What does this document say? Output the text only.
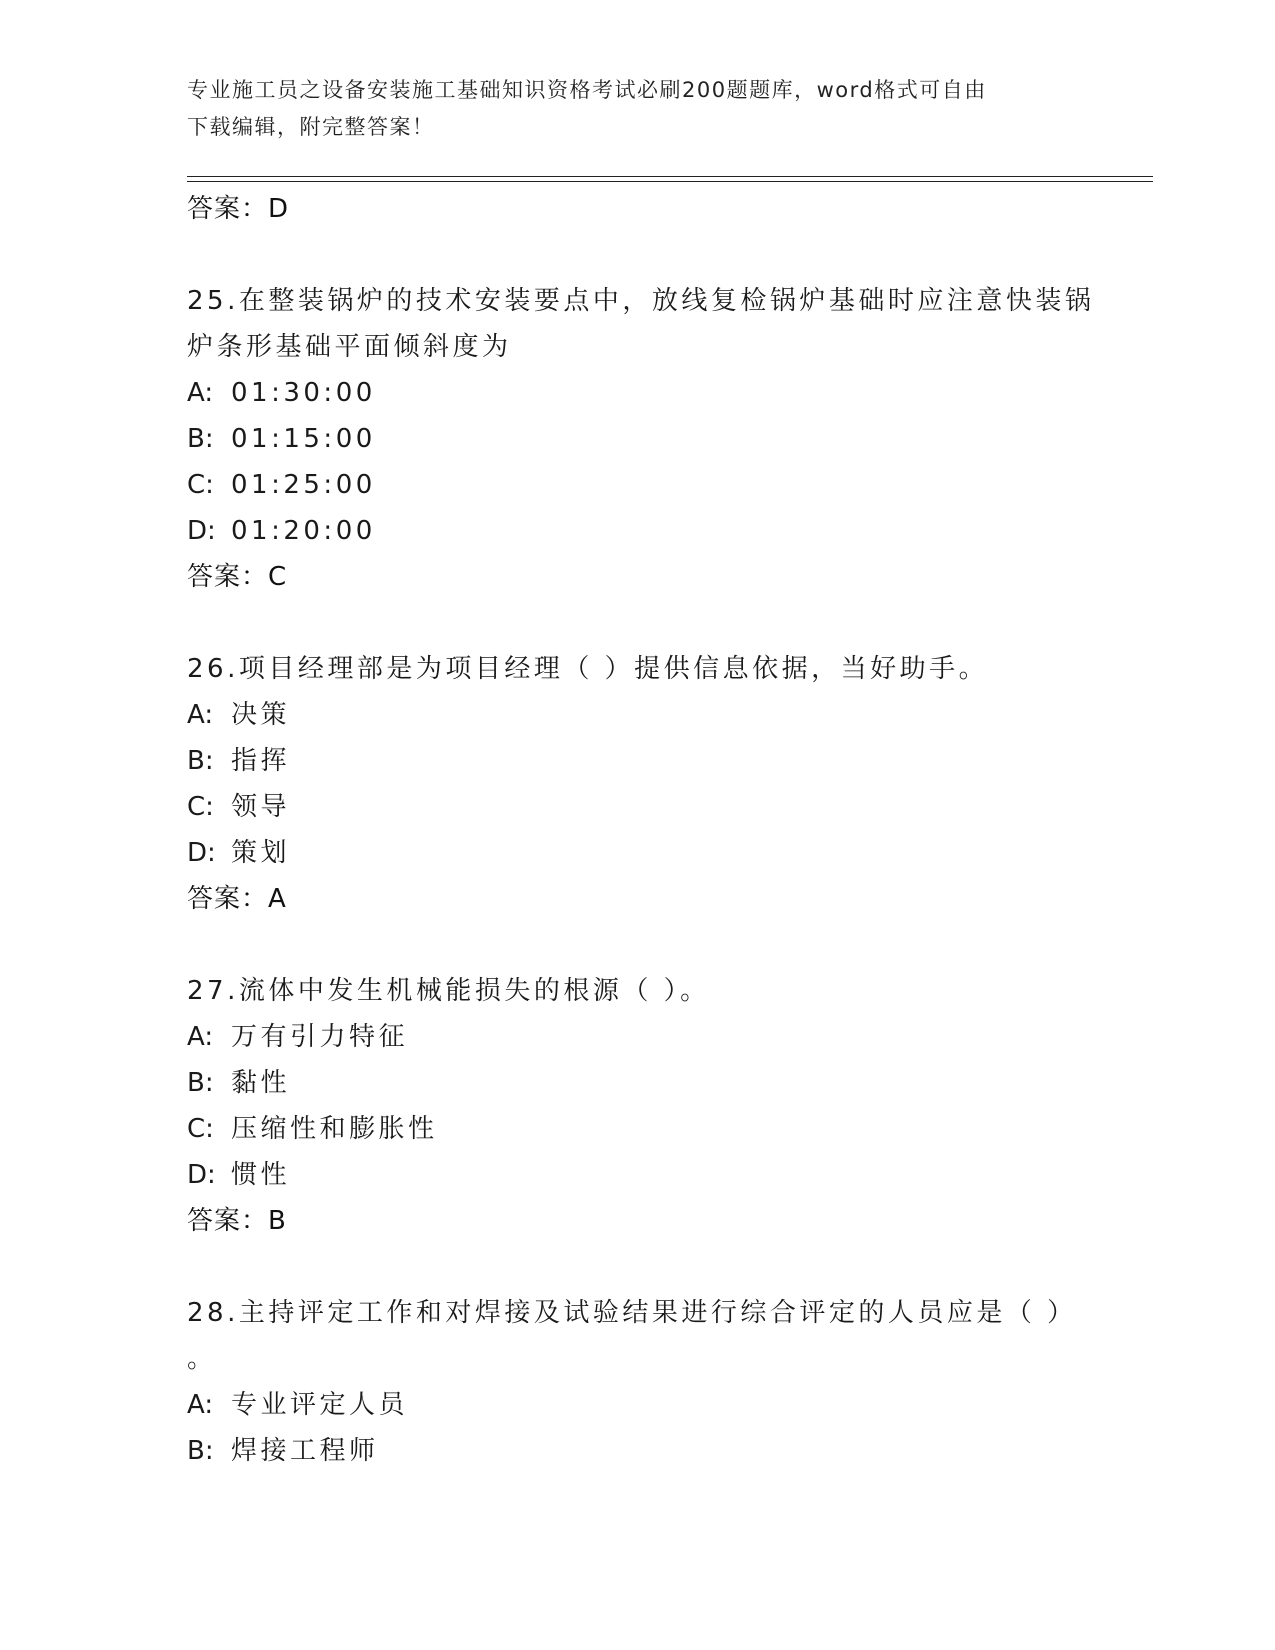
专业施工员之设备安装施工基础知识资格考试必刷200题题库，word格式可自由
下载编辑，附完整答案！
答案：D
25.在整装锅炉的技术安装要点中，放线复检锅炉基础时应注意快装锅
炉条形基础平面倾斜度为
A: 01:30:00
B: 01:15:00
C: 01:25:00
D: 01:20:00
答案：C
26.项目经理部是为项目经理（ ）提供信息依据，当好助手。
A: 决策
B: 指挥
C: 领导
D: 策划
答案：A
27.流体中发生机械能损失的根源（ ）。
A: 万有引力特征
B: 黏性
C: 压缩性和膨胀性
D: 惯性
答案：B
28.主持评定工作和对焊接及试验结果进行综合评定的人员应是（ ）
。
A: 专业评定人员
B: 焊接工程师
